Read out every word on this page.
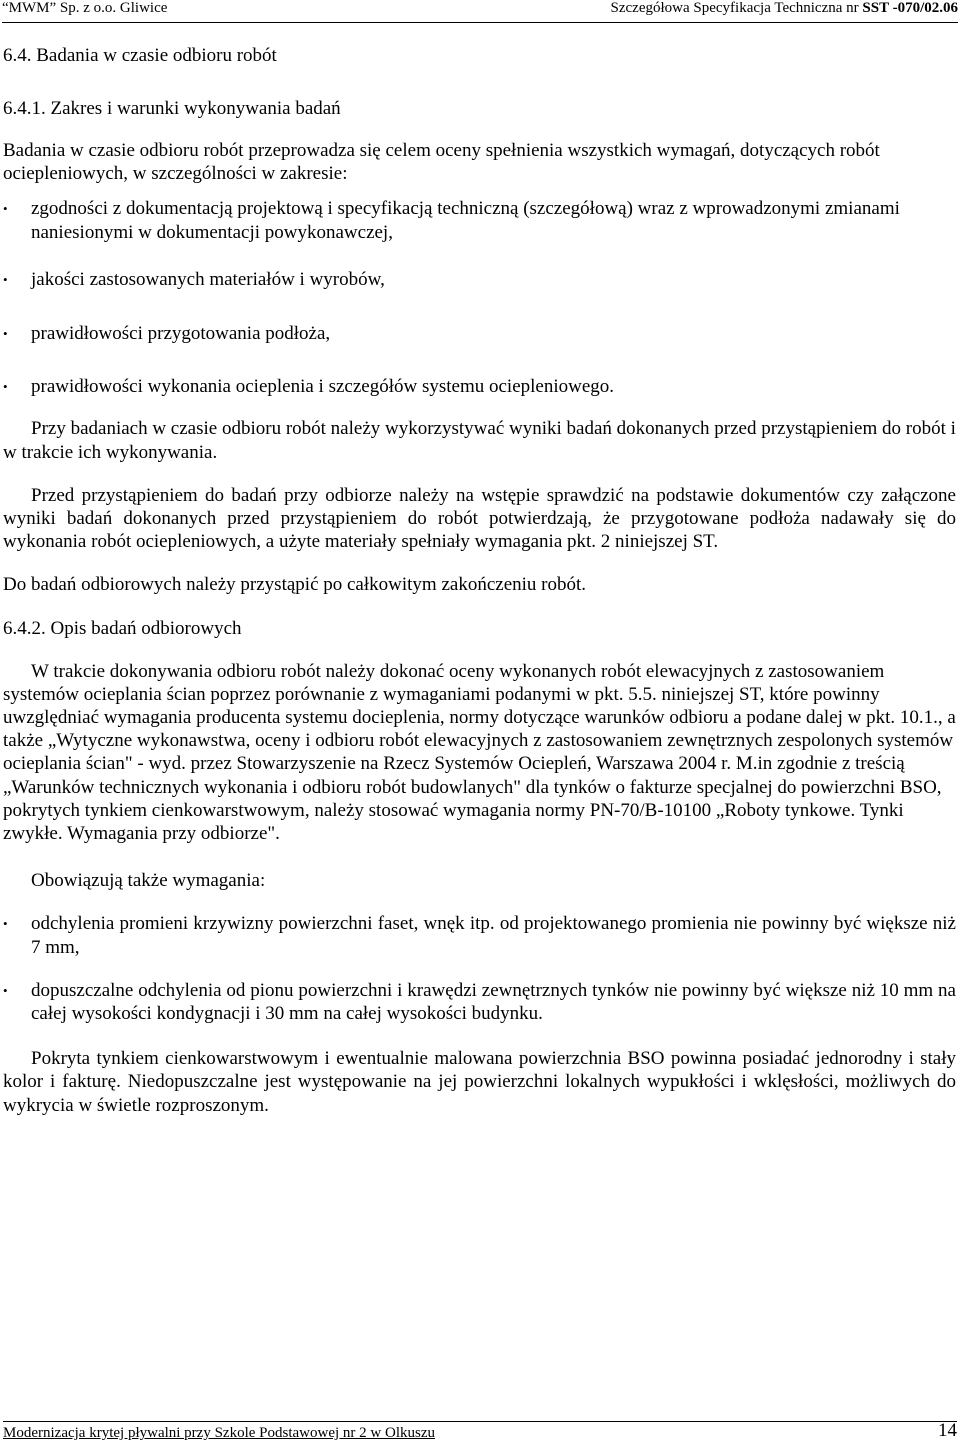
“MWM” Sp. z o.o. Gliwice	Szczegółowa Specyfikacja Techniczna nr SST -070/02.06
6.4. Badania w czasie odbioru robót
6.4.1. Zakres i warunki wykonywania badań

Badania w czasie odbioru robót przeprowadza się celem oceny spełnienia wszystkich wymagań, dotyczących robót ociepleniowych, w szczególności w zakresie:

• zgodności z dokumentacją projektową i specyfikacją techniczną (szczegółową) wraz z wprowadzonymi zmianami naniesionymi w dokumentacji powykonawczej,
• jakości zastosowanych materiałów i wyrobów,
• prawidłowości przygotowania podłoża,
• prawidłowości wykonania ocieplenia i szczegółów systemu ociepleniowego.

Przy badaniach w czasie odbioru robót należy wykorzystywać wyniki badań dokonanych przed przystąpieniem do robót i w trakcie ich wykonywania.

Przed przystąpieniem do badań przy odbiorze należy na wstępie sprawdzić na podstawie dokumentów czy załączone wyniki badań dokonanych przed przystąpieniem do robót potwierdzają, że przygotowane podłoża nadawały się do wykonania robót ociepleniowych, a użyte materiały spełniały wymagania pkt. 2 niniejszej ST.

Do badań odbiorowych należy przystąpić po całkowitym zakończeniu robót.

6.4.2. Opis badań odbiorowych

W trakcie dokonywania odbioru robót należy dokonać oceny wykonanych robót elewacyjnych z zastosowaniem systemów ocieplania ścian poprzez porównanie z wymaganiami podanymi w pkt. 5.5. niniejszej ST, które powinny uwzględniać wymagania producenta systemu docieplenia, normy dotyczące warunków odbioru a podane dalej w pkt. 10.1., a także „Wytyczne wykonawstwa, oceny i odbioru robót elewacyjnych z zastosowaniem zewnętrznych zespolonych systemów ocieplania ścian" - wyd. przez Stowarzyszenie na Rzecz Systemów Ociepleń, Warszawa 2004 r. M.in zgodnie z treścią „Warunków technicznych wykonania i odbioru robót budowlanych" dla tynków o fakturze specjalnej do powierzchni BSO, pokrytych tynkiem cienkowarstwowym, należy stosować wymagania normy PN-70/B-10100 „Roboty tynkowe. Tynki zwykłe. Wymagania przy odbiorze".

Obowiązują także wymagania:

• odchylenia promieni krzywizny powierzchni faset, wnęk itp. od projektowanego promienia nie powinny być większe niż 7 mm,
• dopuszczalne odchylenia od pionu powierzchni i krawędzi zewnętrznych tynków nie powinny być większe niż 10 mm na całej wysokości kondygnacji i 30 mm na całej wysokości budynku.

Pokryta tynkiem cienkowarstwowym i ewentualnie malowana powierzchnia BSO powinna posiadać jednorodny i stały kolor i fakturę. Niedopuszczalne jest występowanie na jej powierzchni lokalnych wypukłości i wklęsłości, możliwych do wykrycia w świetle rozproszonym.

Modernizacja krytej pływalni przy Szkole Podstawowej nr 2 w Olkuszu	14
